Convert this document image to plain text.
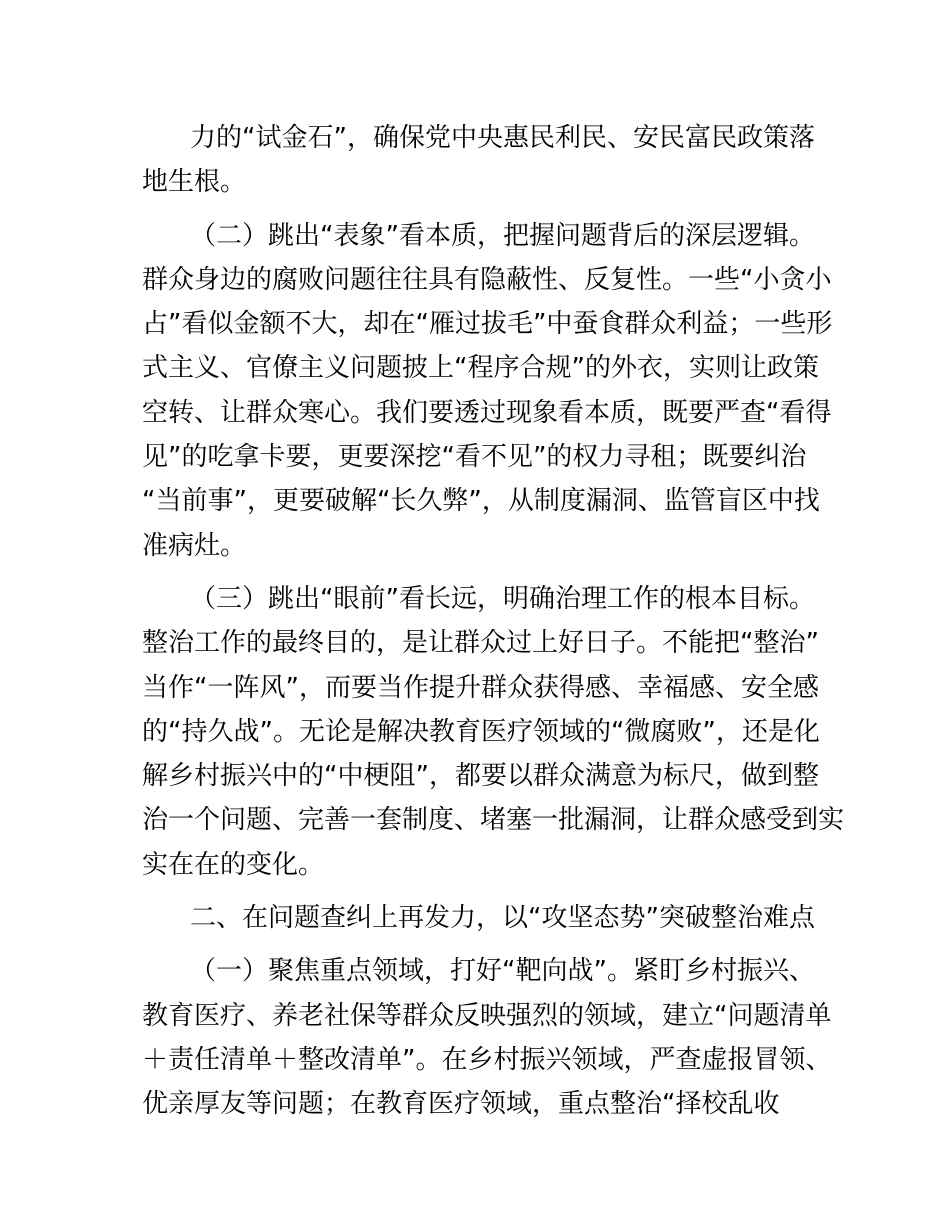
力的“试金石”，确保党中央惠民利民、安民富民政策落
地生根。
（二）跳出“表象”看本质，把握问题背后的深层逻辑。
群众身边的腐败问题往往具有隐蔽性、反复性。一些“小贪小
占”看似金额不大，却在“雁过拔毛”中蚕食群众利益；一些形
式主义、官僚主义问题披上“程序合规”的外衣，实则让政策
空转、让群众寒心。我们要透过现象看本质，既要严查“看得
见”的吃拿卡要，更要深挖“看不见”的权力寻租；既要纠治
“当前事”，更要破解“长久弊”，从制度漏洞、监管盲区中找
准病灶。
（三）跳出“眼前”看长远，明确治理工作的根本目标。
整治工作的最终目的，是让群众过上好日子。不能把“整治”
当作“一阵风”，而要当作提升群众获得感、幸福感、安全感
的“持久战”。无论是解决教育医疗领域的“微腐败”，还是化
解乡村振兴中的“中梗阻”，都要以群众满意为标尺，做到整
治一个问题、完善一套制度、堵塞一批漏洞，让群众感受到实
实在在的变化。
二、在问题查纠上再发力，以“攻坚态势”突破整治难点
（一）聚焦重点领域，打好“靶向战”。紧盯乡村振兴、
教育医疗、养老社保等群众反映强烈的领域，建立“问题清单
＋责任清单＋整改清单”。在乡村振兴领域，严查虚报冒领、
优亲厚友等问题；在教育医疗领域，重点整治“择校乱收
